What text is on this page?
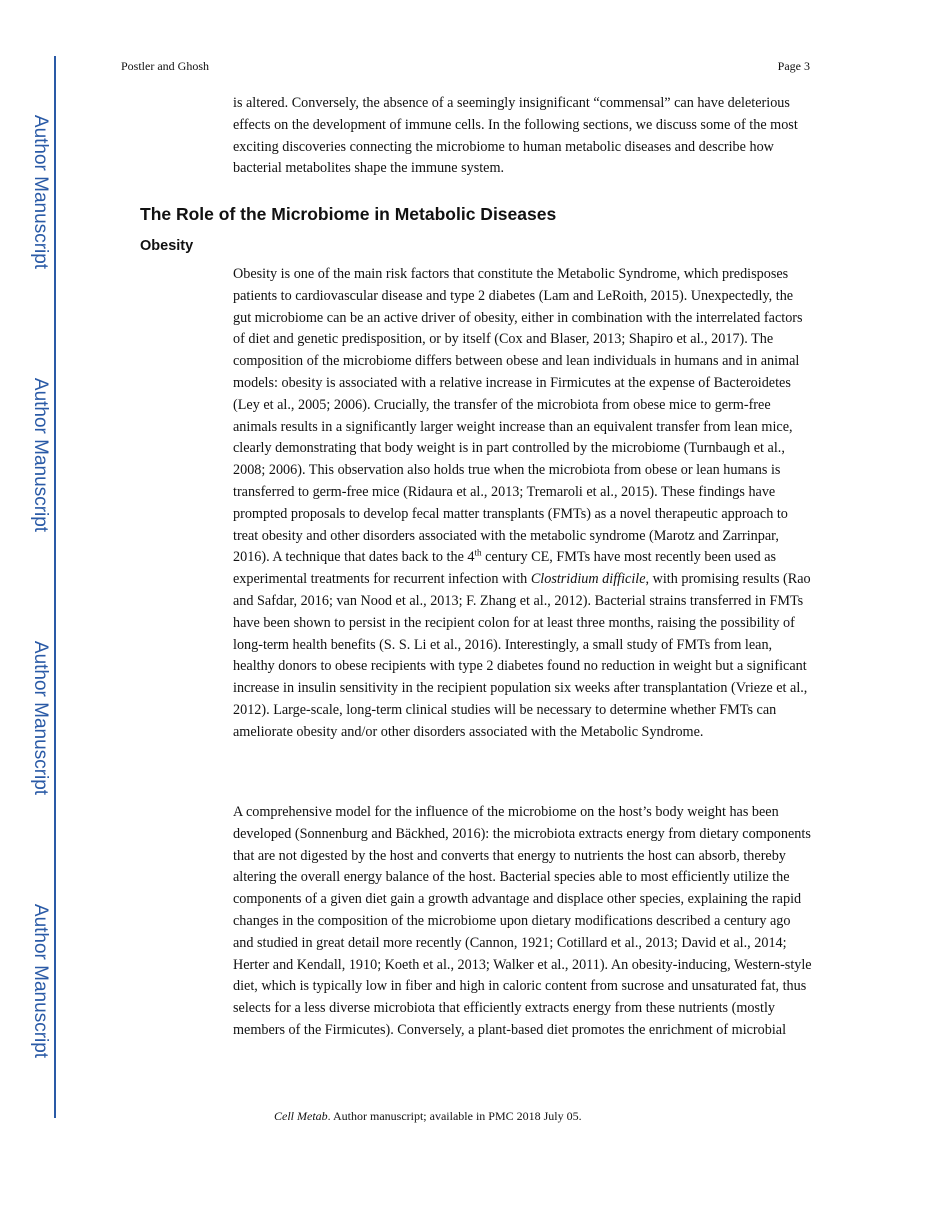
Author Manuscript
Author Manuscript
Author Manuscript
Author Manuscript
Postler and Ghosh	Page 3

is altered. Conversely, the absence of a seemingly insignificant “commensal” can have deleterious effects on the development of immune cells. In the following sections, we discuss some of the most exciting discoveries connecting the microbiome to human metabolic diseases and describe how bacterial metabolites shape the immune system.

The Role of the Microbiome in Metabolic Diseases
Obesity

Obesity is one of the main risk factors that constitute the Metabolic Syndrome, which predisposes patients to cardiovascular disease and type 2 diabetes (Lam and LeRoith, 2015). Unexpectedly, the gut microbiome can be an active driver of obesity, either in combination with the interrelated factors of diet and genetic predisposition, or by itself (Cox and Blaser, 2013; Shapiro et al., 2017). The composition of the microbiome differs between obese and lean individuals in humans and in animal models: obesity is associated with a relative increase in Firmicutes at the expense of Bacteroidetes (Ley et al., 2005; 2006). Crucially, the transfer of the microbiota from obese mice to germ-free animals results in a significantly larger weight increase than an equivalent transfer from lean mice, clearly demonstrating that body weight is in part controlled by the microbiome (Turnbaugh et al., 2008; 2006). This observation also holds true when the microbiota from obese or lean humans is transferred to germ-free mice (Ridaura et al., 2013; Tremaroli et al., 2015). These findings have prompted proposals to develop fecal matter transplants (FMTs) as a novel therapeutic approach to treat obesity and other disorders associated with the metabolic syndrome (Marotz and Zarrinpar, 2016). A technique that dates back to the 4th century CE, FMTs have most recently been used as experimental treatments for recurrent infection with Clostridium difficile, with promising results (Rao and Safdar, 2016; van Nood et al., 2013; F. Zhang et al., 2012). Bacterial strains transferred in FMTs have been shown to persist in the recipient colon for at least three months, raising the possibility of long-term health benefits (S. S. Li et al., 2016). Interestingly, a small study of FMTs from lean, healthy donors to obese recipients with type 2 diabetes found no reduction in weight but a significant increase in insulin sensitivity in the recipient population six weeks after transplantation (Vrieze et al., 2012). Large-scale, long-term clinical studies will be necessary to determine whether FMTs can ameliorate obesity and/or other disorders associated with the Metabolic Syndrome.

A comprehensive model for the influence of the microbiome on the host’s body weight has been developed (Sonnenburg and Bäckhed, 2016): the microbiota extracts energy from dietary components that are not digested by the host and converts that energy to nutrients the host can absorb, thereby altering the overall energy balance of the host. Bacterial species able to most efficiently utilize the components of a given diet gain a growth advantage and displace other species, explaining the rapid changes in the composition of the microbiome upon dietary modifications described a century ago and studied in great detail more recently (Cannon, 1921; Cotillard et al., 2013; David et al., 2014; Herter and Kendall, 1910; Koeth et al., 2013; Walker et al., 2011). An obesity-inducing, Western-style diet, which is typically low in fiber and high in caloric content from sucrose and unsaturated fat, thus selects for a less diverse microbiota that efficiently extracts energy from these nutrients (mostly members of the Firmicutes). Conversely, a plant-based diet promotes the enrichment of microbial

Cell Metab. Author manuscript; available in PMC 2018 July 05.
